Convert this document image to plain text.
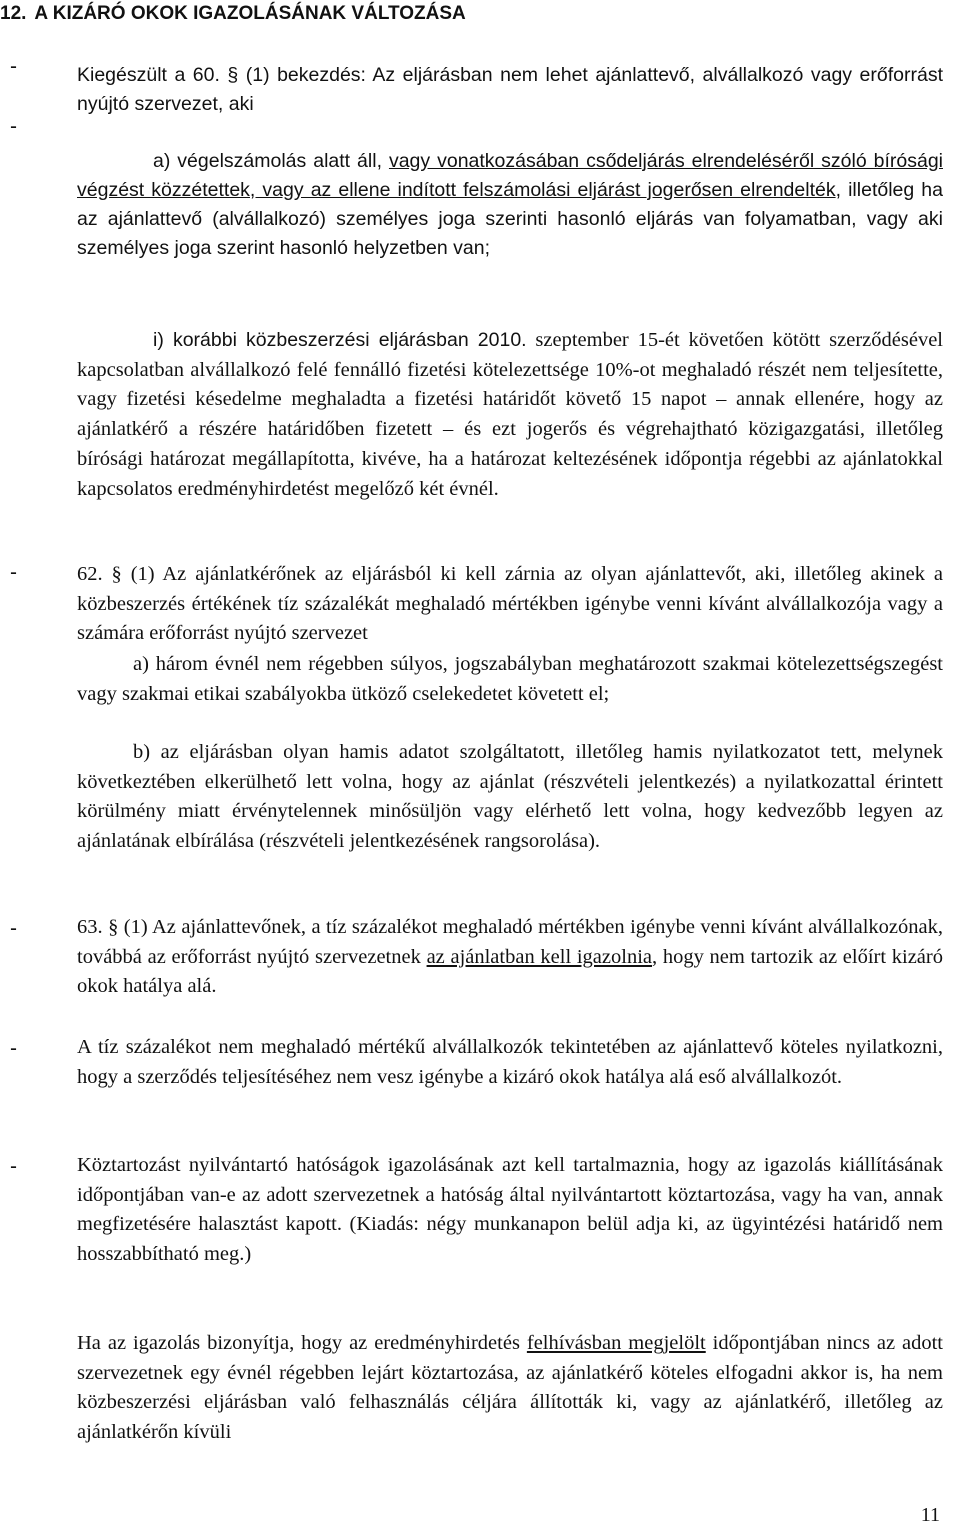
12. A KIZÁRÓ OKOK IGAZOLÁSÁNAK VÁLTOZÁSA
-
-

Kiegészült a 60. § (1) bekezdés: Az eljárásban nem lehet ajánlattevő, alvállalkozó vagy erőforrást nyújtó szervezet, aki

a) végelszámolás alatt áll, vagy vonatkozásában csődeljárás elrendeléséről szóló bírósági végzést közzétettek, vagy az ellene indított felszámolási eljárást jogerősen elrendelték, illetőleg ha az ajánlattevő (alvállalkozó) személyes joga szerinti hasonló eljárás van folyamatban, vagy aki személyes joga szerint hasonló helyzetben van;

i) korábbi közbeszerzési eljárásban 2010. szeptember 15-ét követően kötött szerződésével kapcsolatban alvállalkozó felé fennálló fizetési kötelezettsége 10%-ot meghaladó részét nem teljesítette, vagy fizetési késedelme meghaladta a fizetési határidőt követő 15 napot – annak ellenére, hogy az ajánlatkérő a részére határidőben fizetett – és ezt jogerős és végrehajtható közigazgatási, illetőleg bírósági határozat megállapította, kivéve, ha a határozat keltezésének időpontja régebbi az ajánlatokkal kapcsolatos eredményhirdetést megelőző két évnél.

-	62. § (1) Az ajánlatkérőnek az eljárásból ki kell zárnia az olyan ajánlattevőt, aki, illetőleg akinek a közbeszerzés értékének tíz százalékát meghaladó mértékben igénybe venni kívánt alvállalkozója vagy a számára erőforrást nyújtó szervezet

a) három évnél nem régebben súlyos, jogszabályban meghatározott szakmai kötelezettségszegést vagy szakmai etikai szabályokba ütköző cselekedetet követett el;

b) az eljárásban olyan hamis adatot szolgáltatott, illetőleg hamis nyilatkozatot tett, melynek következtében elkerülhető lett volna, hogy az ajánlat (részvételi jelentkezés) a nyilatkozattal érintett körülmény miatt érvénytelennek minősüljön vagy elérhető lett volna, hogy kedvezőbb legyen az ajánlatának elbírálása (részvételi jelentkezésének rangsorolása).

-	63. § (1) Az ajánlattevőnek, a tíz százalékot meghaladó mértékben igénybe venni kívánt alvállalkozónak, továbbá az erőforrást nyújtó szervezetnek az ajánlatban kell igazolnia, hogy nem tartozik az előírt kizáró okok hatálya alá.

-	A tíz százalékot nem meghaladó mértékű alvállalkozók tekintetében az ajánlattevő köteles nyilatkozni, hogy a szerződés teljesítéséhez nem vesz igénybe a kizáró okok hatálya alá eső alvállalkozót.

-	Köztartozást nyilvántartó hatóságok igazolásának azt kell tartalmaznia, hogy az igazolás kiállításának időpontjában van-e az adott szervezetnek a hatóság által nyilvántartott köztartozása, vagy ha van, annak megfizetésére halasztást kapott. (Kiadás: négy munkanapon belül adja ki, az ügyintézési határidő nem hosszabbítható meg.)

Ha az igazolás bizonyítja, hogy az eredményhirdetés felhívásban megjelölt időpontjában nincs az adott szervezetnek egy évnél régebben lejárt köztartozása, az ajánlatkérő köteles elfogadni akkor is, ha nem közbeszerzési eljárásban való felhasználás céljára állították ki, vagy az ajánlatkérő, illetőleg az ajánlatkérőn kívüli

11
